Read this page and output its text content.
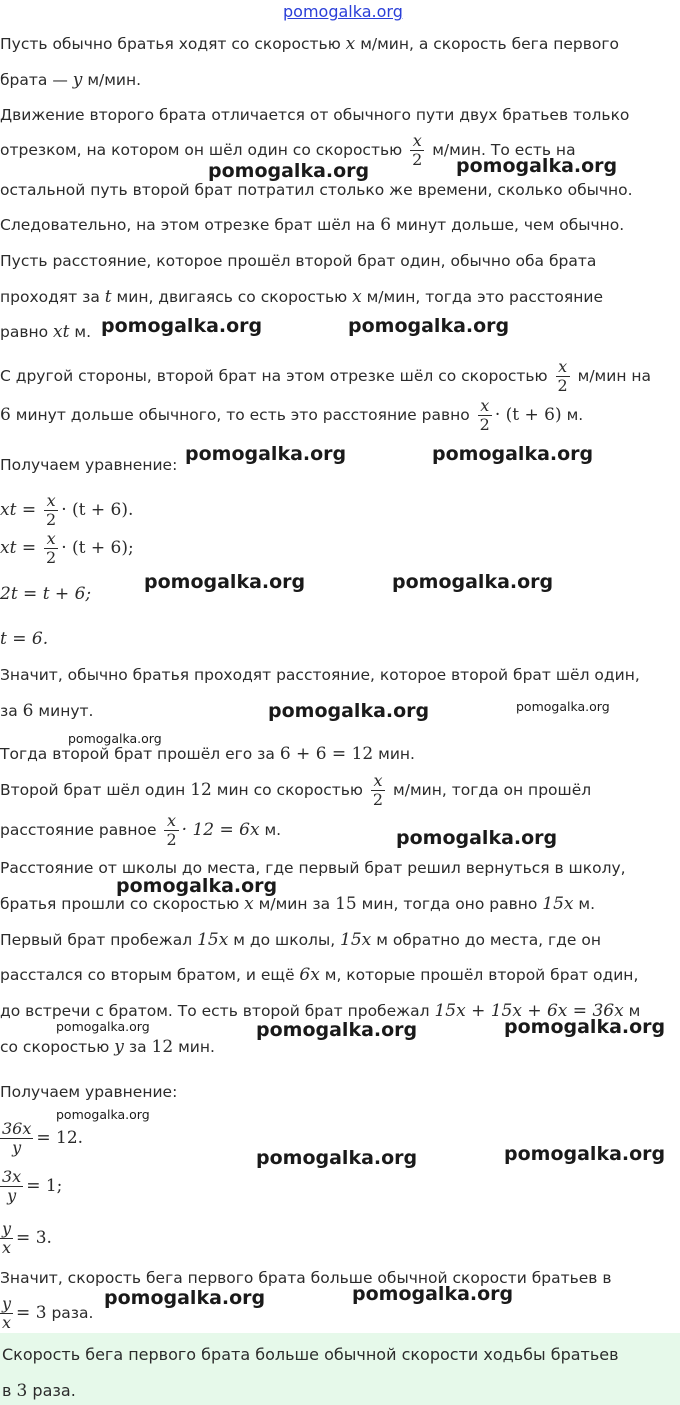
pomogalka.org
Пусть обычно братья ходят со скоростью x м/мин, а скорость бега первого
брата — y м/мин.
Движение второго брата отличается от обычного пути двух братьев только
отрезком, на котором он шёл один со скоростью $\frac{x}{2} м/мин$. То есть на
остальной путь второй брат потратил столько же времени, сколько обычно.
Следовательно, на этом отрезке брат шёл на 6 минут дольше, чем обычно.
Пусть расстояние, которое прошёл второй брат один, обычно оба брата
проходят за t мин, двигаясь со скоростью x м/мин, тогда это расстояние
равно xt м.
С другой стороны, второй брат на этом отрезке шёл со скоростью $\frac{x}{2} м/мин$ на
6 минут дольше обычного, то есть это расстояние равно $\frac{x}{2} \cdot (t + 6)$ м.
Получаем уравнение:
xt = $\frac{x}{2} \cdot (t + 6)$.
xt = $\frac{x}{2} \cdot (t + 6)$;
2t = t + 6;
t = 6.
Значит, обычно братья проходят расстояние, которое второй брат шёл один,
за 6 минут.
Тогда второй брат прошёл его за 6 + 6 = 12 мин.
Второй брат шёл один 12 мин со скоростью $\frac{x}{2} м/мин$, тогда он прошёл
расстояние равное $\frac{x}{2} \cdot 12 = 6x$ м.
Расстояние от школы до места, где первый брат решил вернуться в школу,
братья прошли со скоростью x м/мин за 15 мин, тогда оно равно 15x м.
Первый брат пробежал 15x м до школы, 15x м обратно до места, где он
расстался со вторым братом, и ещё 6x м, которые прошёл второй брат один,
до встречи с братом. То есть второй брат пробежал 15x + 15x + 6x = 36x м
со скоростью y за 12 мин.
Получаем уравнение:
$\frac{36x}{y} = 12$.
$\frac{3x}{y} = 1$;
$\frac{y}{x} = 3$.
Значит, скорость бега первого брата больше обычной скорости братьев в
$\frac{y}{x} = 3$ раза.
Скорость бега первого брата больше обычной скорости ходьбы братьев
в 3 раза.
pomogalka.org	pomogalka.org
pomogalka.org	pomogalka.org
pomogalka.org	pomogalka.org
pomogalka.org	pomogalka.org
pomogalka.org	pomogalka.org
pomogalka.org
pomogalka.org
pomogalka.org
pomogalka.org	pomogalka.org	pomogalka.org
pomogalka.org
pomogalka.org	pomogalka.org
pomogalka.org	pomogalka.org
